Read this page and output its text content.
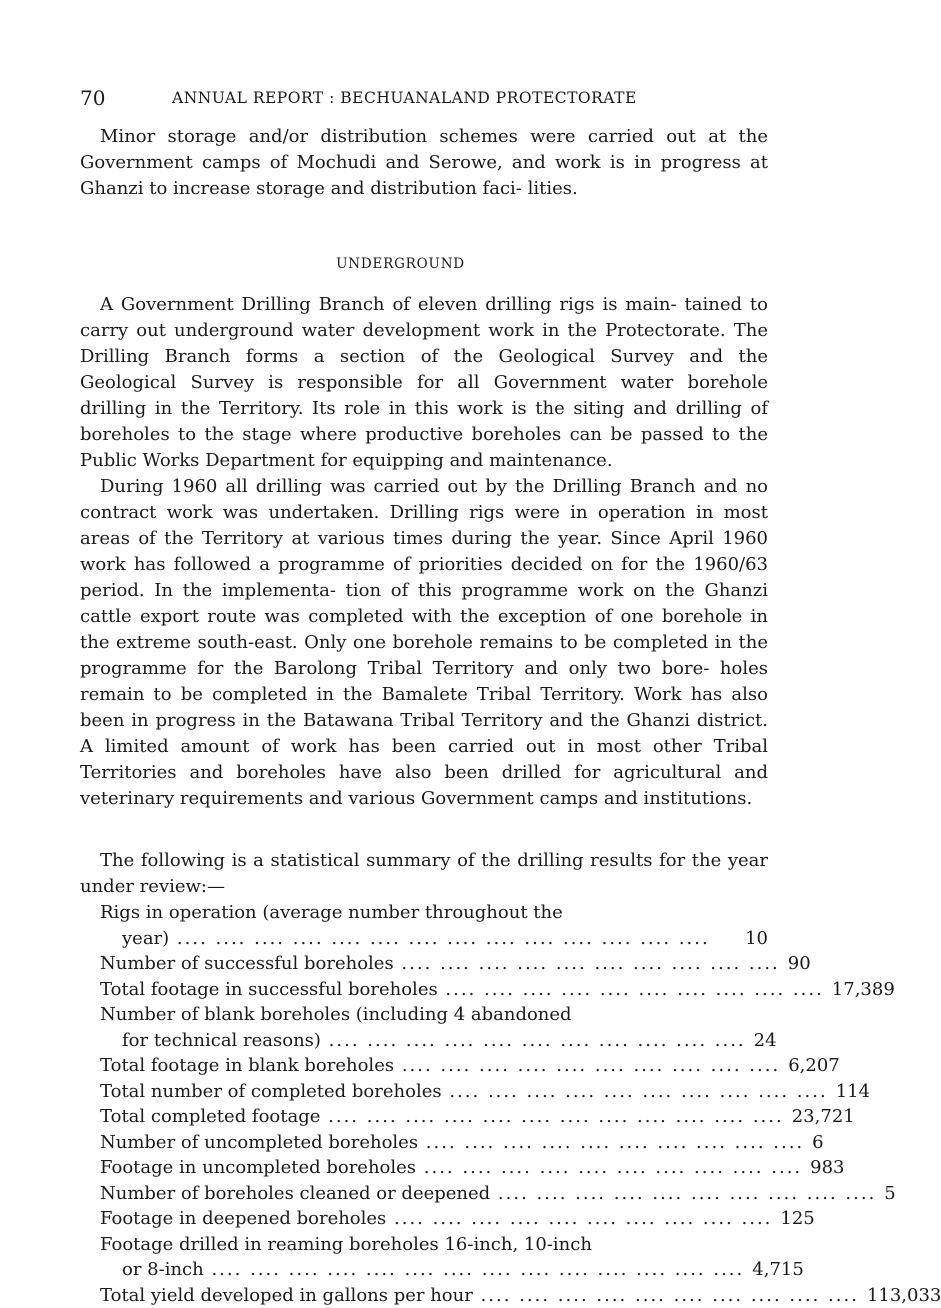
70	ANNUAL REPORT : BECHUANALAND PROTECTORATE

Minor storage and/or distribution schemes were carried out at the Government camps of Mochudi and Serowe, and work is in progress at Ghanzi to increase storage and distribution faci- lities.

UNDERGROUND

A Government Drilling Branch of eleven drilling rigs is main- tained to carry out underground water development work in the Protectorate. The Drilling Branch forms a section of the Geological Survey and the Geological Survey is responsible for all Government water borehole drilling in the Territory. Its role in this work is the siting and drilling of boreholes to the stage where productive boreholes can be passed to the Public Works Department for equipping and maintenance.

During 1960 all drilling was carried out by the Drilling Branch and no contract work was undertaken. Drilling rigs were in operation in most areas of the Territory at various times during the year. Since April 1960 work has followed a programme of priorities decided on for the 1960/63 period. In the implementa- tion of this programme work on the Ghanzi cattle export route was completed with the exception of one borehole in the extreme south-east. Only one borehole remains to be completed in the programme for the Barolong Tribal Territory and only two bore- holes remain to be completed in the Bamalete Tribal Territory. Work has also been in progress in the Batawana Tribal Territory and the Ghanzi district. A limited amount of work has been carried out in most other Tribal Territories and boreholes have also been drilled for agricultural and veterinary requirements and various Government camps and institutions.

The following is a statistical summary of the drilling results for the year under review:—

Rigs in operation (average number throughout the
year) .... .... .... .... .... .... .... .... .... .... .... .... .... ....	10
Number of successful boreholes .... .... .... .... .... .... .... .... .... .... 90
Total footage in successful boreholes .... .... .... .... .... .... .... .... .... .... 17,389
Number of blank boreholes (including 4 abandoned
for technical reasons) .... .... .... .... .... .... .... .... .... .... .... 24
Total footage in blank boreholes .... .... .... .... .... .... .... .... .... .... 6,207
Total number of completed boreholes .... .... .... .... .... .... .... .... .... .... 114
Total completed footage .... .... .... .... .... .... .... .... .... .... .... .... 23,721
Number of uncompleted boreholes .... .... .... .... .... .... .... .... .... .... 6
Footage in uncompleted boreholes .... .... .... .... .... .... .... .... .... .... 983
Number of boreholes cleaned or deepened .... .... .... .... .... .... .... .... .... .... 5
Footage in deepened boreholes .... .... .... .... .... .... .... .... .... .... 125
Footage drilled in reaming boreholes 16-inch, 10-inch
or 8-inch .... .... .... .... .... .... .... .... .... .... .... .... .... .... 4,715
Total yield developed in gallons per hour .... .... .... .... .... .... .... .... .... .... 113,033
